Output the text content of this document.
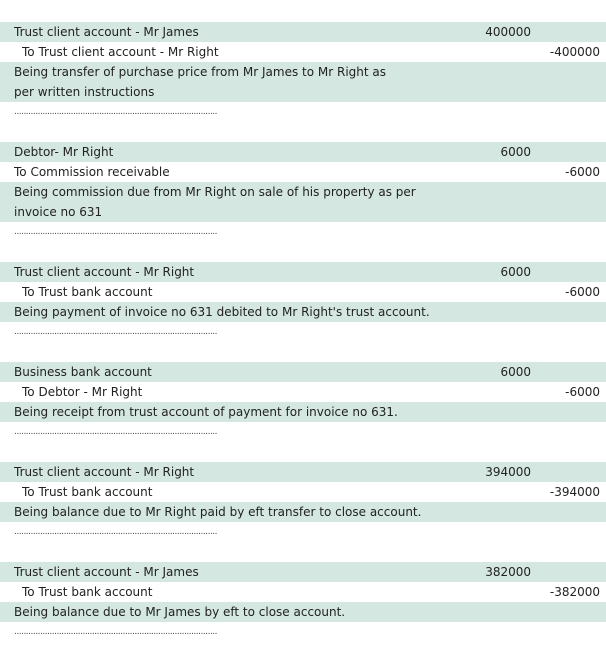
Trust client account - Mr James	400000
To Trust client account - Mr Right	-400000
Being transfer of purchase price from Mr James to Mr Right as
per written instructions
......................................................................................
Debtor- Mr Right	6000
To Commission receivable	-6000
Being commission due from Mr Right on sale of his property as per
invoice no 631
......................................................................................
Trust client account - Mr Right	6000
To Trust bank account	-6000
Being payment of invoice no 631 debited to Mr Right's trust account.
......................................................................................
Business bank account	6000
To Debtor - Mr Right	-6000
Being receipt from trust account of payment for invoice no 631.
......................................................................................
Trust client account - Mr Right	394000
To Trust bank account	-394000
Being balance due to Mr Right paid by eft transfer to close account.
......................................................................................
Trust client account - Mr James	382000
To Trust bank account	-382000
Being balance due to Mr James by eft to close account.
......................................................................................
